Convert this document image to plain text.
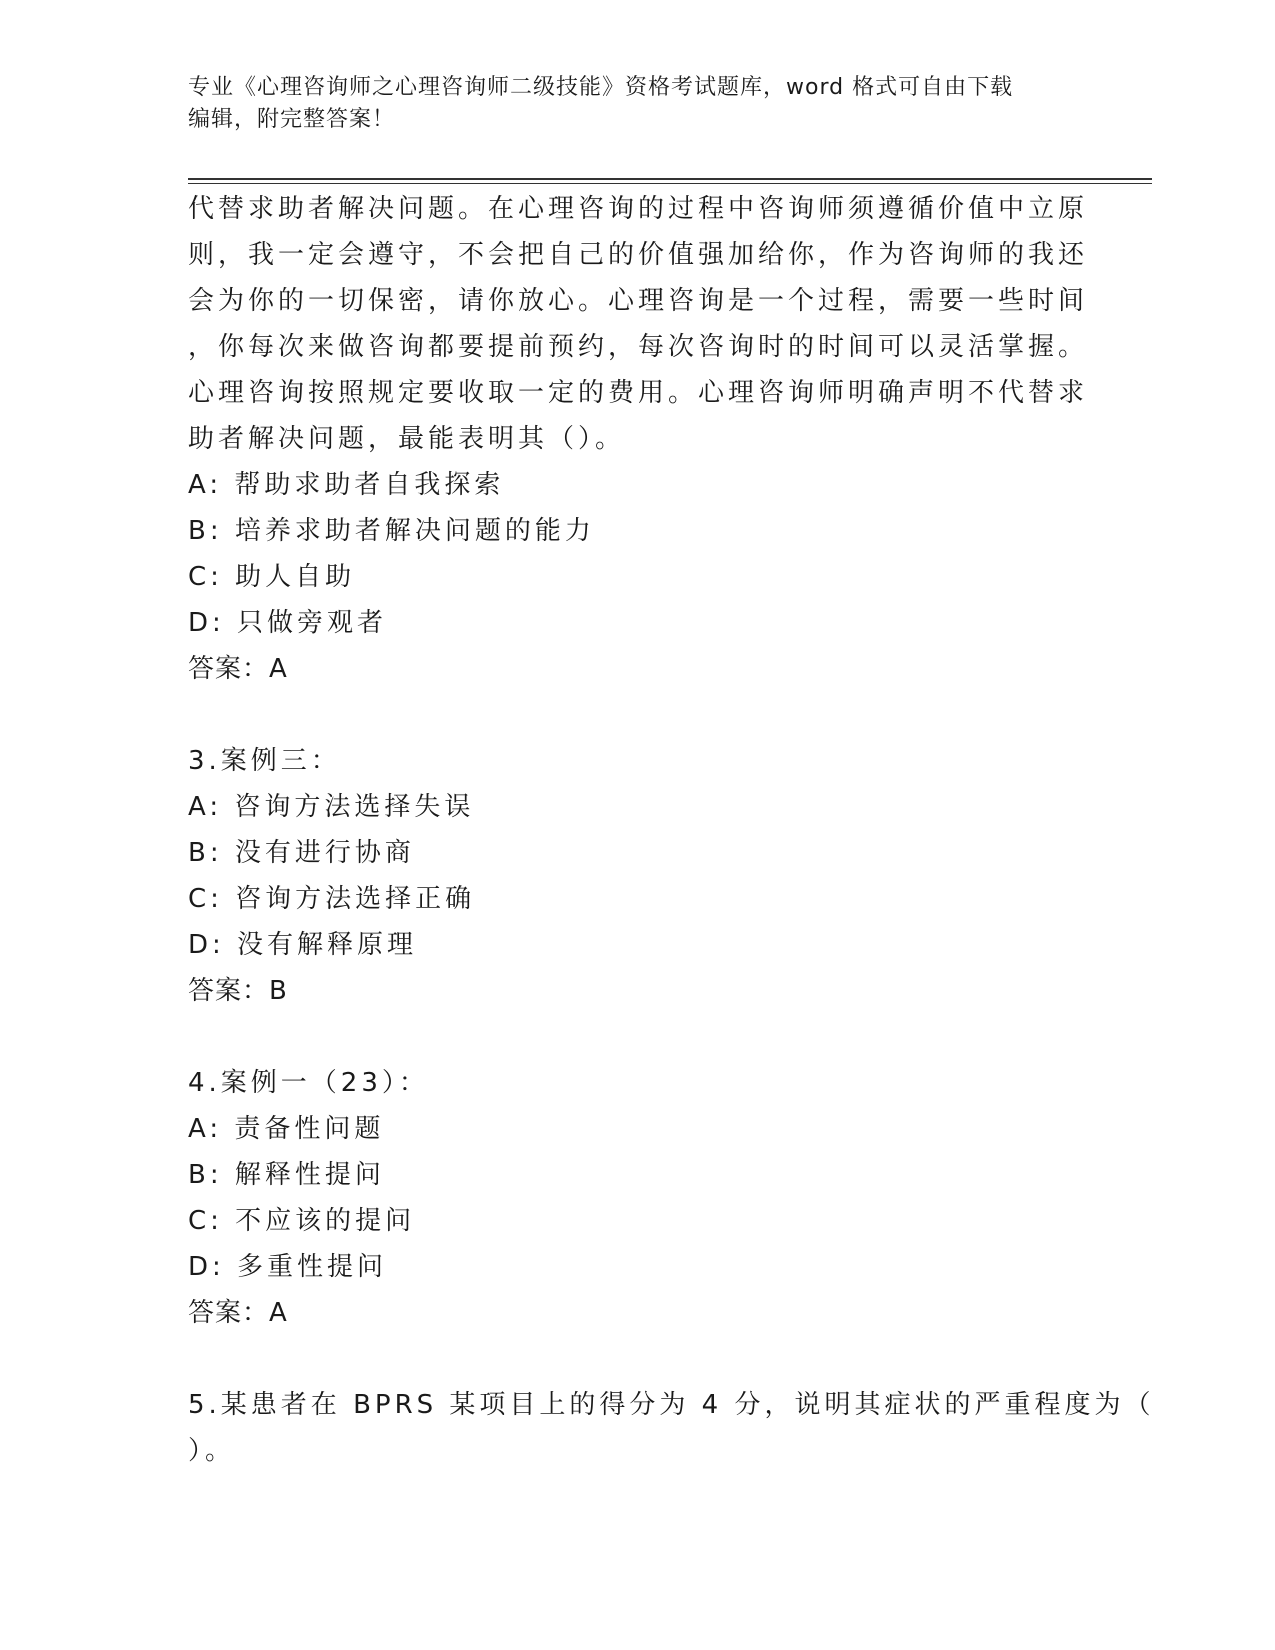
专业《心理咨询师之心理咨询师二级技能》资格考试题库，word 格式可自由下载
编辑，附完整答案！
代替求助者解决问题。在心理咨询的过程中咨询师须遵循价值中立原
则，我一定会遵守，不会把自己的价值强加给你，作为咨询师的我还
会为你的一切保密，请你放心。心理咨询是一个过程，需要一些时间
，你每次来做咨询都要提前预约，每次咨询时的时间可以灵活掌握。
心理咨询按照规定要收取一定的费用。心理咨询师明确声明不代替求
助者解决问题，最能表明其（）。
A: 帮助求助者自我探索
B: 培养求助者解决问题的能力
C: 助人自助
D: 只做旁观者
答案：A
3.案例三：
A: 咨询方法选择失误
B: 没有进行协商
C: 咨询方法选择正确
D: 没有解释原理
答案：B
4.案例一（23）：
A: 责备性问题
B: 解释性提问
C: 不应该的提问
D: 多重性提问
答案：A
5.某患者在 BPRS 某项目上的得分为 4 分，说明其症状的严重程度为（
）。
